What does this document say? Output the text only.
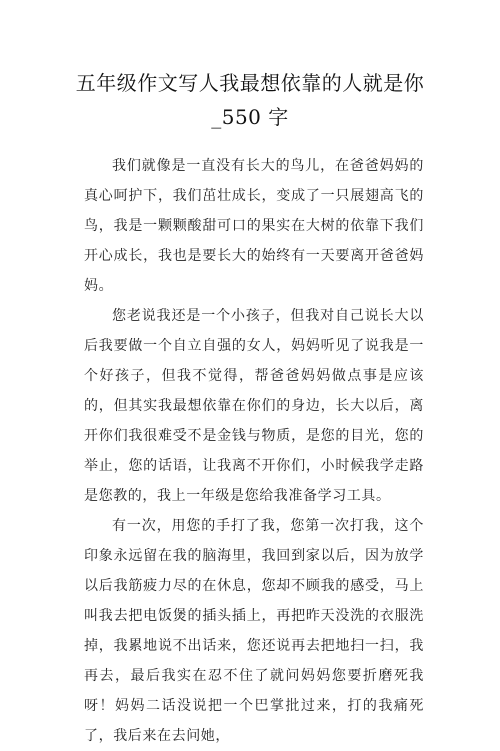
五年级作文写人我最想依靠的人就是你_550 字

我们就像是一直没有长大的鸟儿，在爸爸妈妈的真心呵护下，我们茁壮成长，变成了一只展翅高飞的鸟，我是一颗颗酸甜可口的果实在大树的依靠下我们开心成长，我也是要长大的始终有一天要离开爸爸妈妈。

您老说我还是一个小孩子，但我对自己说长大以后我要做一个自立自强的女人，妈妈听见了说我是一个好孩子，但我不觉得，帮爸爸妈妈做点事是应该的，但其实我最想依靠在你们的身边，长大以后，离开你们我很难受不是金钱与物质，是您的目光，您的举止，您的话语，让我离不开你们，小时候我学走路是您教的，我上一年级是您给我准备学习工具。

有一次，用您的手打了我，您第一次打我，这个印象永远留在我的脑海里，我回到家以后，因为放学以后我筋疲力尽的在休息，您却不顾我的感受，马上叫我去把电饭煲的插头插上，再把昨天没洗的衣服洗掉，我累地说不出话来，您还说再去把地扫一扫，我再去，最后我实在忍不住了就问妈妈您要折磨死我呀！妈妈二话没说把一个巴掌批过来，打的我痛死了，我后来在去问她，
